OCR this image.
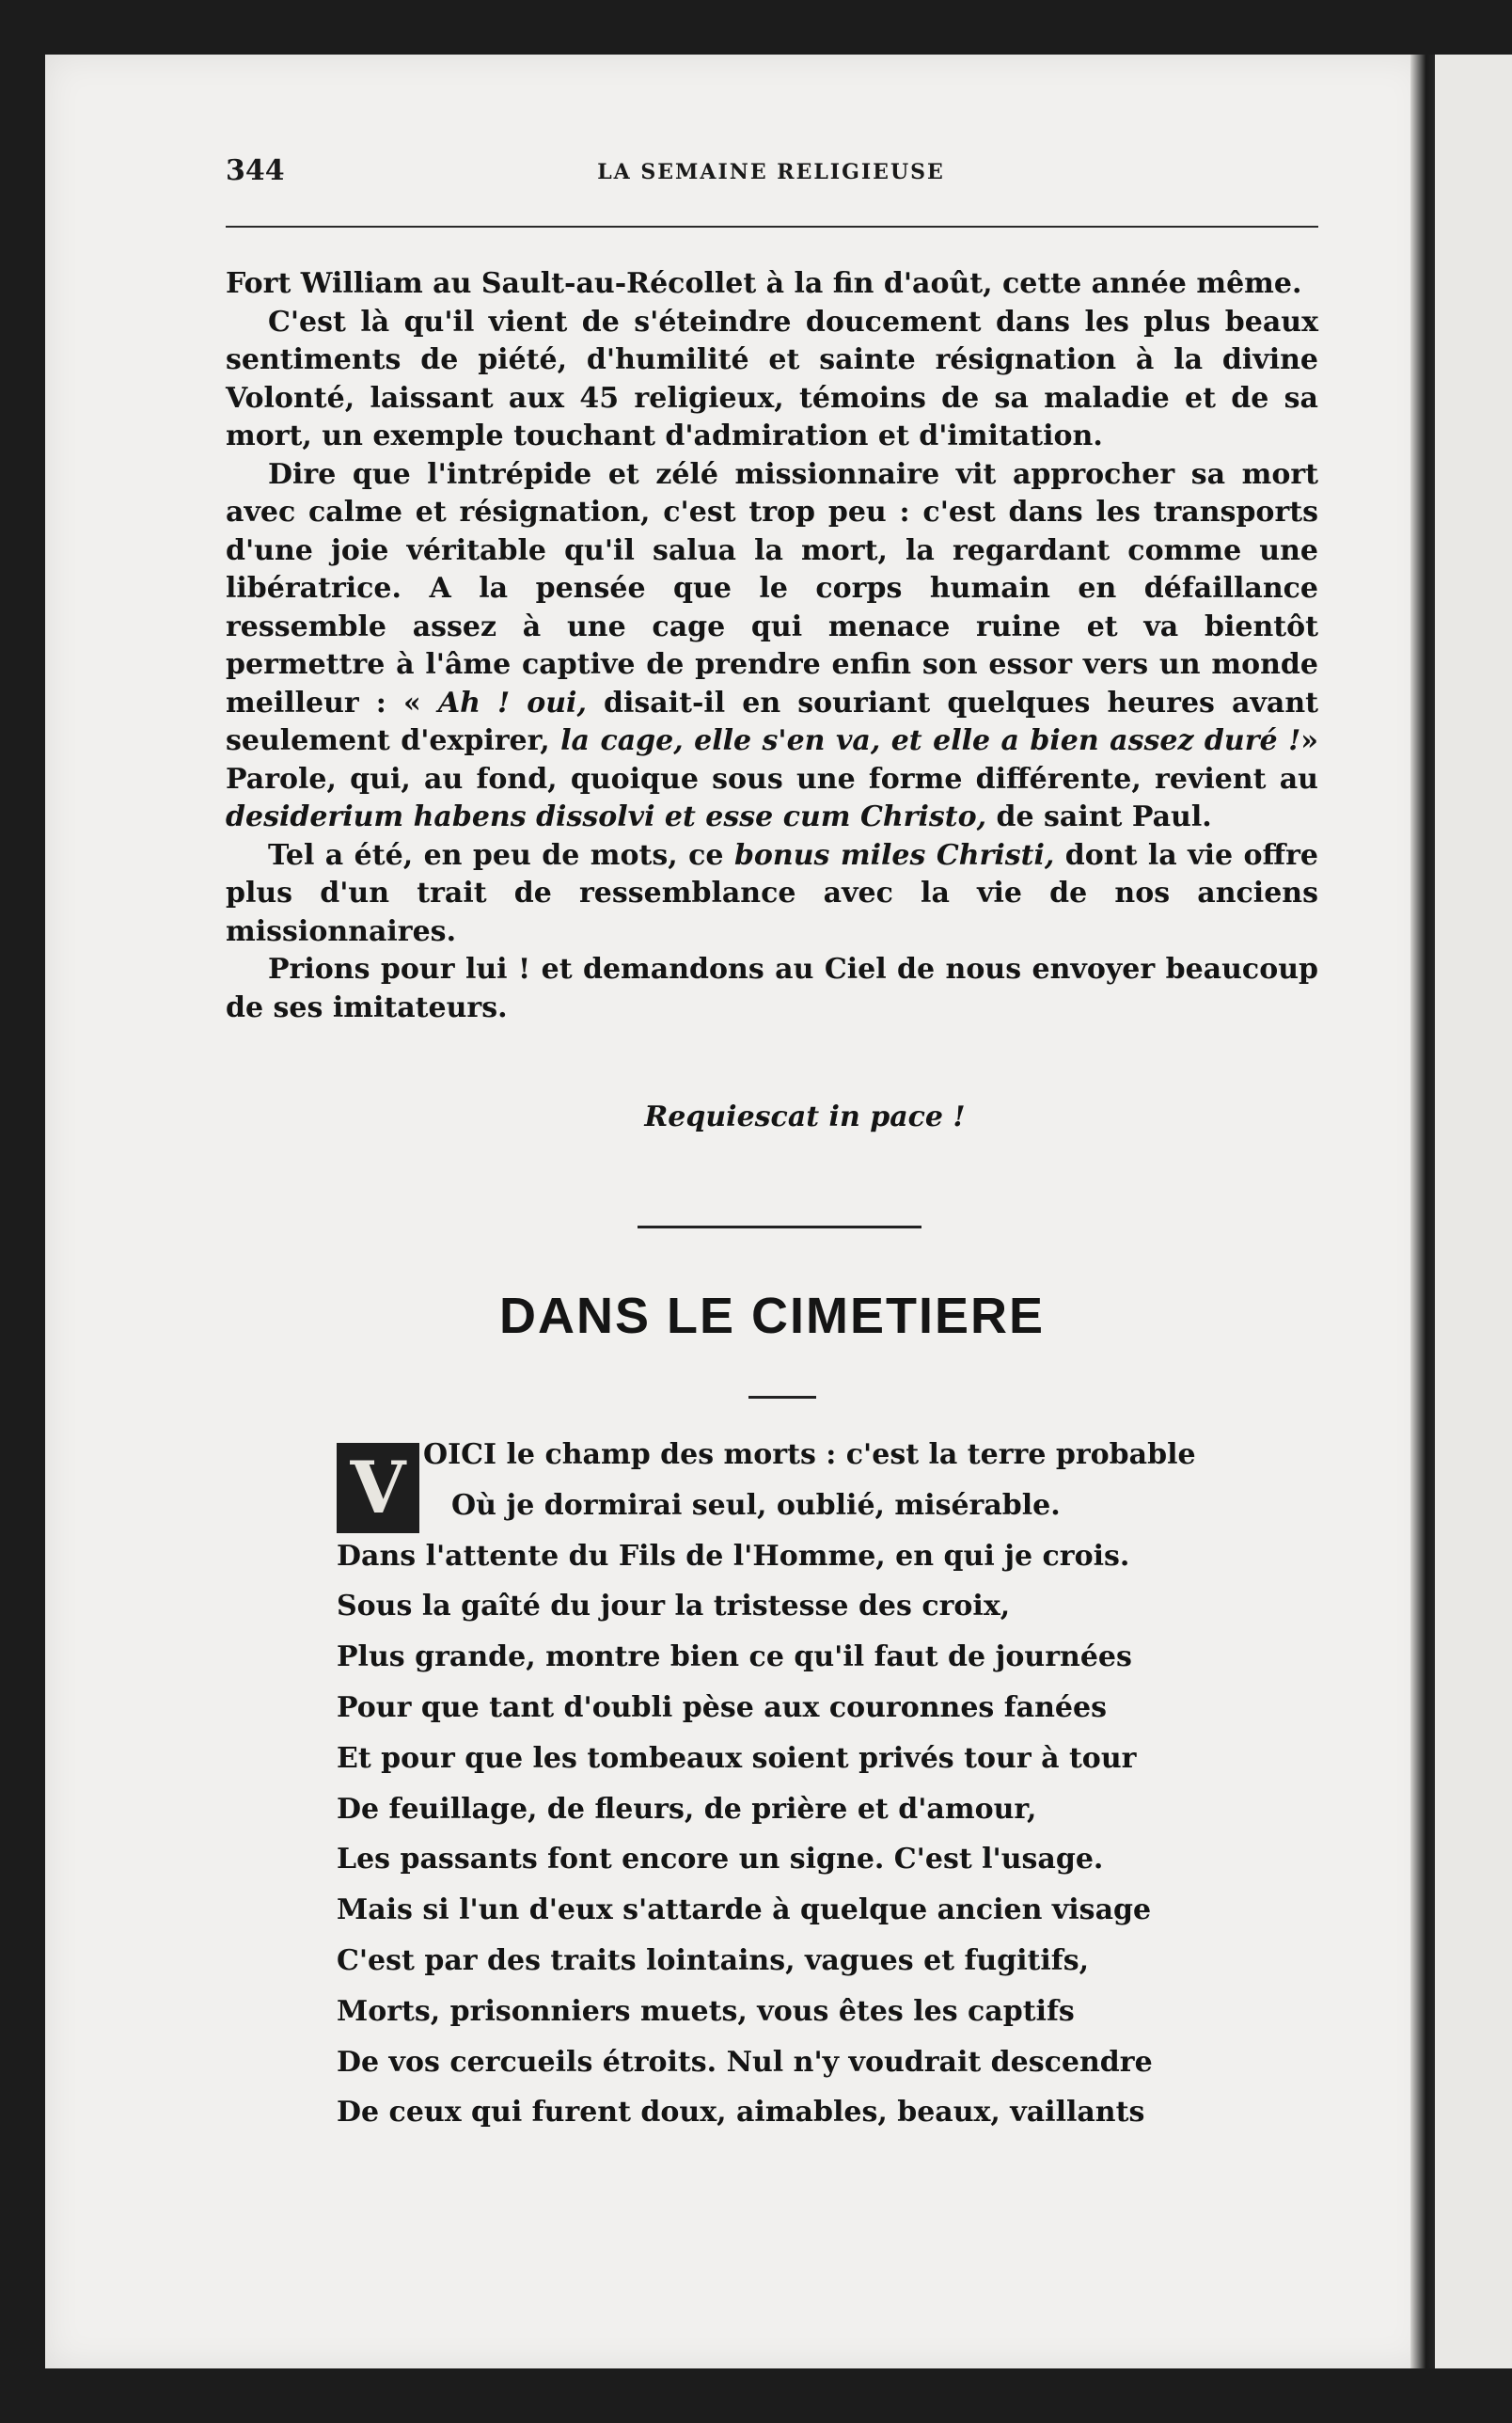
344	LA SEMAINE RELIGIEUSE

Fort William au Sault-au-Récollet à la fin d'août, cette année même.

C'est là qu'il vient de s'éteindre doucement dans les plus beaux sentiments de piété, d'humilité et sainte résignation à la divine Volonté, laissant aux 45 religieux, témoins de sa maladie et de sa mort, un exemple touchant d'admiration et d'imitation.

Dire que l'intrépide et zélé missionnaire vit approcher sa mort avec calme et résignation, c'est trop peu : c'est dans les transports d'une joie véritable qu'il salua la mort, la regardant comme une libératrice. A la pensée que le corps humain en défaillance ressemble assez à une cage qui menace ruine et va bientôt permettre à l'âme captive de prendre enfin son essor vers un monde meilleur : « Ah ! oui, disait-il en souriant quelques heures avant seulement d'expirer, la cage, elle s'en va, et elle a bien assez duré !» Parole, qui, au fond, quoique sous une forme différente, revient au desiderium habens dissolvi et esse cum Christo, de saint Paul.

Tel a été, en peu de mots, ce bonus miles Christi, dont la vie offre plus d'un trait de ressemblance avec la vie de nos anciens missionnaires.

Prions pour lui ! et demandons au Ciel de nous envoyer beaucoup de ses imitateurs.

Requiescat in pace !
DANS LE CIMETIERE
V OICI le champ des morts : c'est la terre probable
Où je dormirai seul, oublié, misérable.
Dans l'attente du Fils de l'Homme, en qui je crois.
Sous la gaîté du jour la tristesse des croix,
Plus grande, montre bien ce qu'il faut de journées
Pour que tant d'oubli pèse aux couronnes fanées
Et pour que les tombeaux soient privés tour à tour
De feuillage, de fleurs, de prière et d'amour,
Les passants font encore un signe. C'est l'usage.
Mais si l'un d'eux s'attarde à quelque ancien visage
C'est par des traits lointains, vagues et fugitifs,
Morts, prisonniers muets, vous êtes les captifs
De vos cercueils étroits. Nul n'y voudrait descendre
De ceux qui furent doux, aimables, beaux, vaillants
